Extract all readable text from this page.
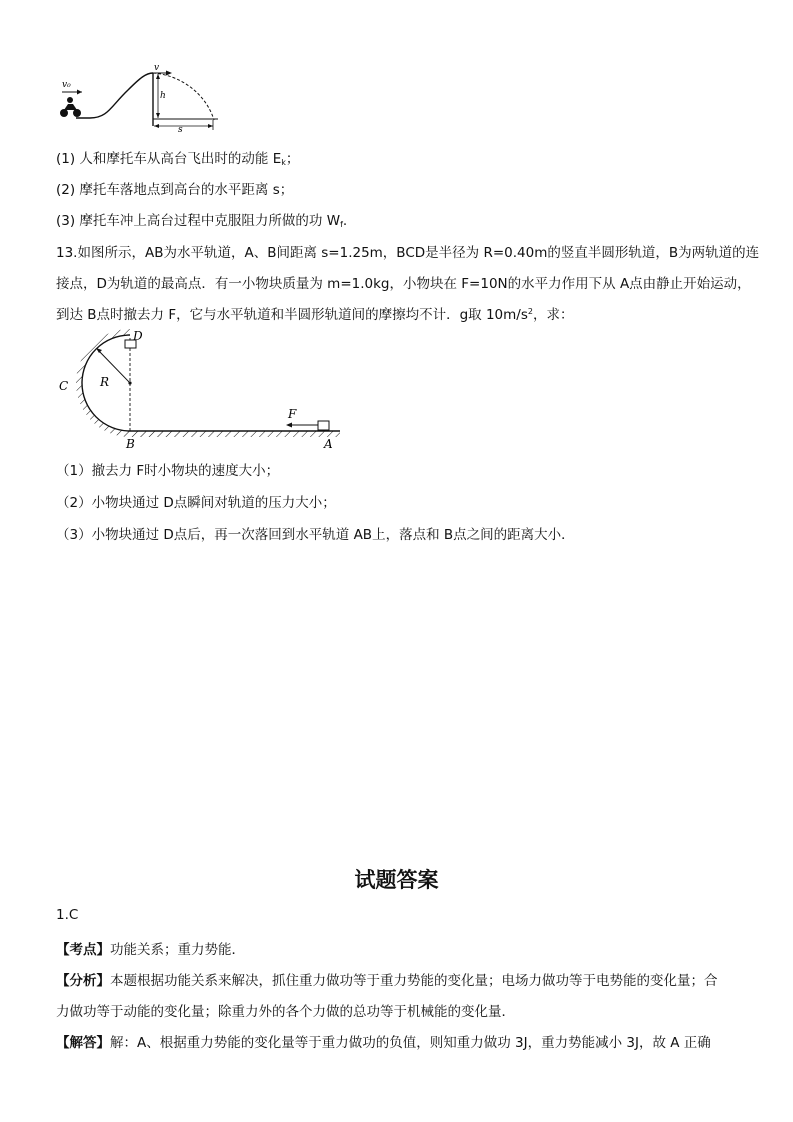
v₀
v
h
s
(1) 人和摩托车从高台飞出时的动能 $E_k$；
(2) 摩托车落地点到高台的水平距离 s；
(3) 摩托车冲上高台过程中克服阻力所做的功 $W_f$.
13.如图所示，AB为水平轨道，A、B间距离 s=1.25m，BCD是半径为 R=0.40m的竖直半圆形轨道，B为两轨道的连
接点，D为轨道的最高点．有一小物块质量为 m=1.0kg，小物块在 F=10N的水平力作用下从 A点由静止开始运动，
到达 B点时撤去力 F，它与水平轨道和半圆形轨道间的摩擦均不计．g取 $10m/s^2$，求：
R
D
C
B
F
A
（1）撤去力 F时小物块的速度大小；
（2）小物块通过 D点瞬间对轨道的压力大小；
（3）小物块通过 D点后，再一次落回到水平轨道 AB上，落点和 B点之间的距离大小．
试题答案
1.C
【考点】功能关系；重力势能．
【分析】本题根据功能关系来解决，抓住重力做功等于重力势能的变化量；电场力做功等于电势能的变化量；合
力做功等于动能的变化量；除重力外的各个力做的总功等于机械能的变化量．
【解答】解：A、根据重力势能的变化量等于重力做功的负值，则知重力做功 3J，重力势能减小 3J，故 A 正确
